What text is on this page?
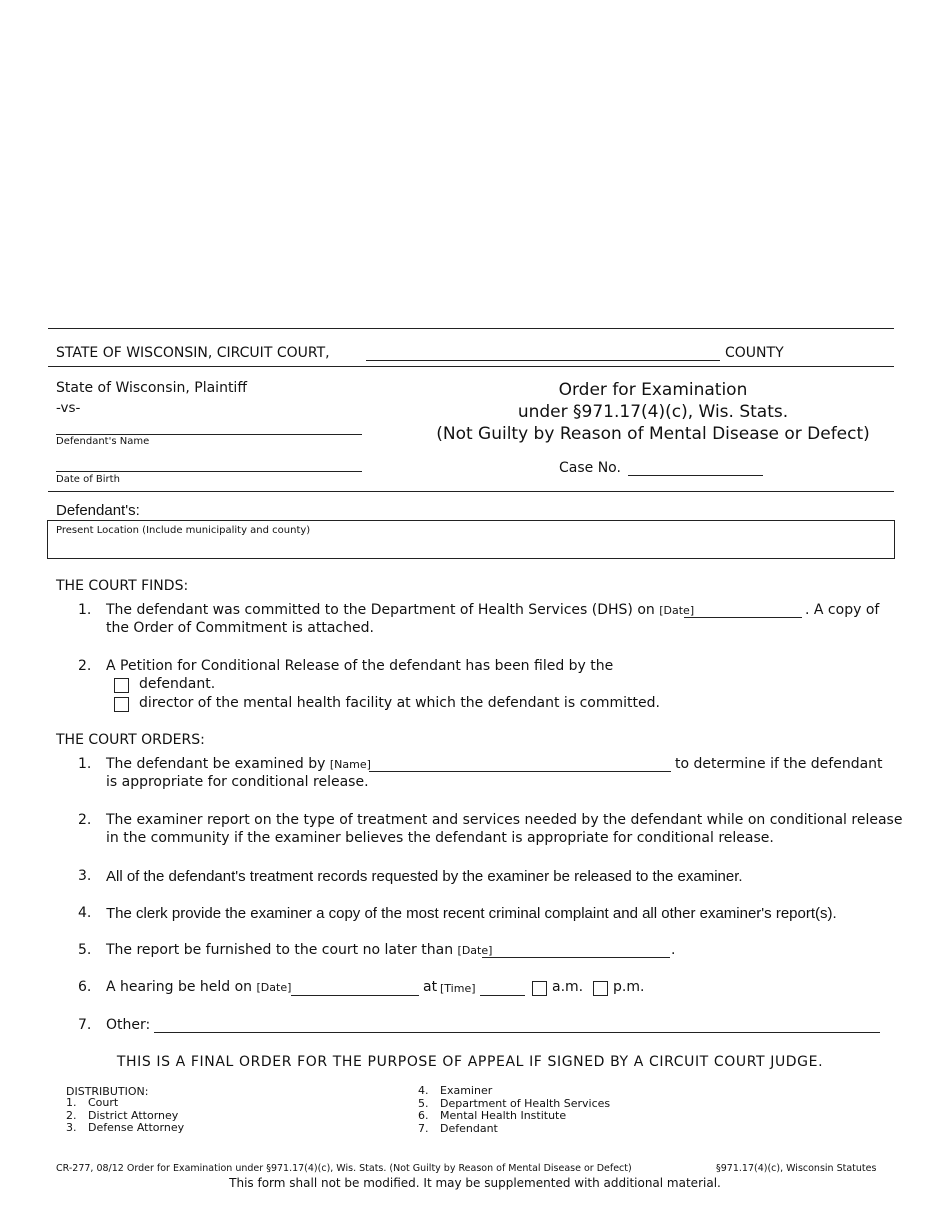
STATE OF WISCONSIN, CIRCUIT COURT,	COUNTY
State of Wisconsin, Plaintiff
-vs-
Defendant's Name
Date of Birth
Order for Examination
under §971.17(4)(c), Wis. Stats.
(Not Guilty by Reason of Mental Disease or Defect)
Case No.
Defendant's:
Present Location (Include municipality and county)
THE COURT FINDS:
1. The defendant was committed to the Department of Health Services (DHS) on [Date]	. A copy of
the Order of Commitment is attached.
2. A Petition for Conditional Release of the defendant has been filed by the
defendant.
director of the mental health facility at which the defendant is committed.
THE COURT ORDERS:
1. The defendant be examined by [Name]	to determine if the defendant
is appropriate for conditional release.
2. The examiner report on the type of treatment and services needed by the defendant while on conditional release
in the community if the examiner believes the defendant is appropriate for conditional release.
3. All of the defendant's treatment records requested by the examiner be released to the examiner.
4. The clerk provide the examiner a copy of the most recent criminal complaint and all other examiner's report(s).
5. The report be furnished to the court no later than [Date]	.
6. A hearing be held on [Date]	at [Time]	a.m. p.m.
7. Other:
THIS IS A FINAL ORDER FOR THE PURPOSE OF APPEAL IF SIGNED BY A CIRCUIT COURT JUDGE.
DISTRIBUTION:
1. Court
2. District Attorney
3. Defense Attorney
4. Examiner
5. Department of Health Services
6. Mental Health Institute
7. Defendant
CR-277, 08/12 Order for Examination under §971.17(4)(c), Wis. Stats. (Not Guilty by Reason of Mental Disease or Defect)	§971.17(4)(c), Wisconsin Statutes
This form shall not be modified. It may be supplemented with additional material.
